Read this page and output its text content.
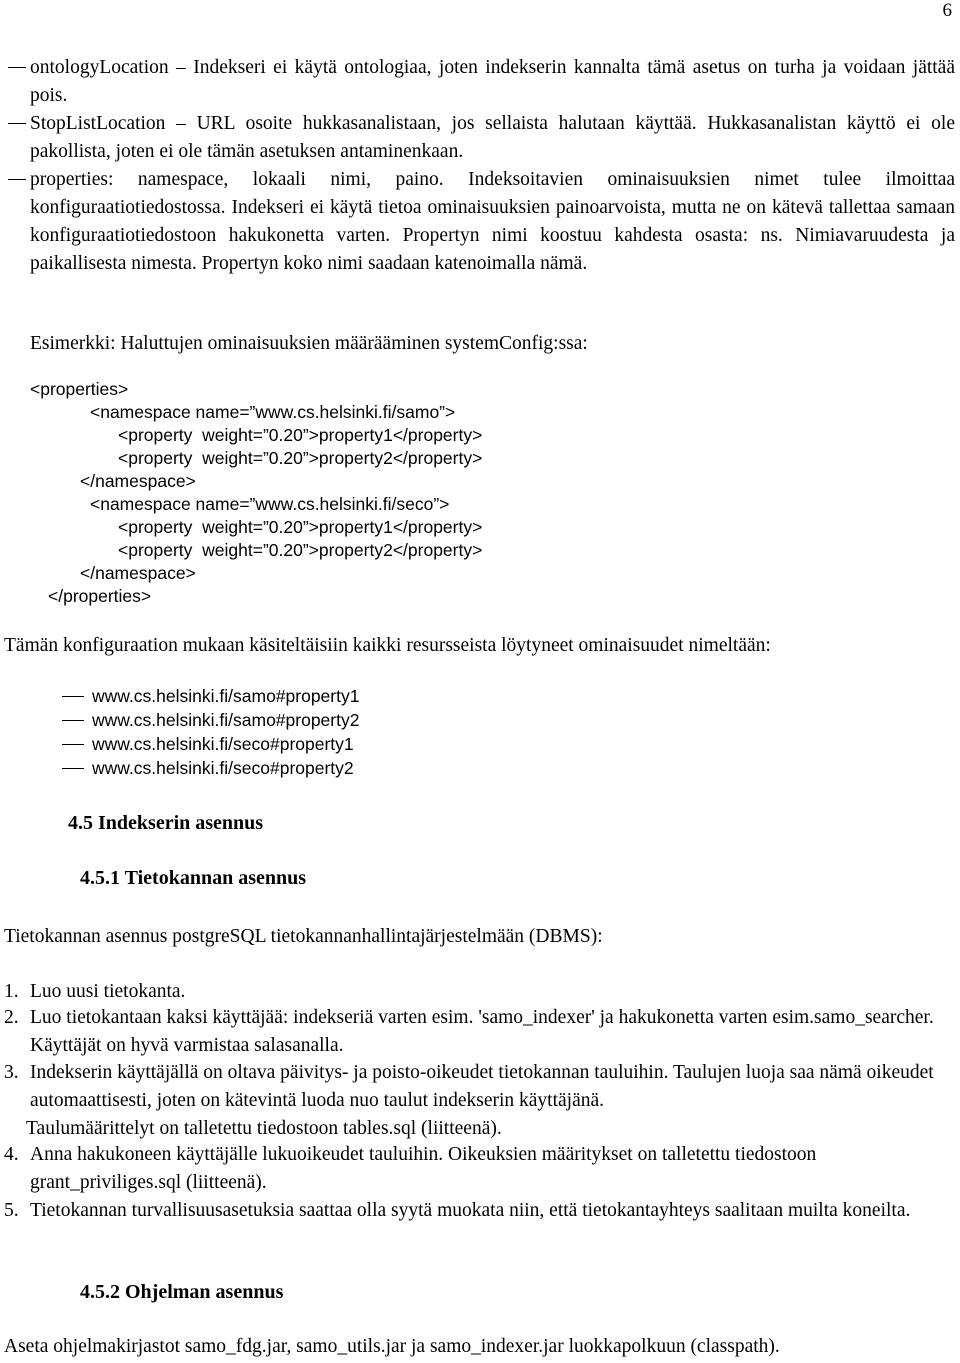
6
ontologyLocation – Indekseri ei käytä ontologiaa, joten indekserin kannalta tämä asetus on turha ja voidaan jättää pois.
StopListLocation – URL osoite hukkasanalistaan, jos sellaista halutaan käyttää. Hukkasanalistan käyttö ei ole pakollista, joten ei ole tämän asetuksen antaminenkaan.
properties: namespace, lokaali nimi, paino. Indeksoitavien ominaisuuksien nimet tulee ilmoittaa konfiguraatiotiedostossa. Indekseri ei käytä tietoa ominaisuuksien painoarvoista, mutta ne on kätevä tallettaa samaan konfiguraatiotiedostoon hakukonetta varten. Propertyn nimi koostuu kahdesta osasta: ns. Nimiavaruudesta ja paikallisesta nimesta. Propertyn koko nimi saadaan katenoimalla nämä.
Esimerkki: Haluttujen ominaisuuksien määrääminen systemConfig:ssa:
<properties>
<namespace name=”www.cs.helsinki.fi/samo”>
<property  weight=”0.20”>property1</property>
<property  weight=”0.20”>property2</property>
</namespace>
<namespace name=”www.cs.helsinki.fi/seco”>
<property  weight=”0.20”>property1</property>
<property  weight=”0.20”>property2</property>
</namespace>
</properties>
Tämän konfiguraation mukaan käsiteltäisiin kaikki resursseista löytyneet ominaisuudet nimeltään:
www.cs.helsinki.fi/samo#property1
www.cs.helsinki.fi/samo#property2
www.cs.helsinki.fi/seco#property1
www.cs.helsinki.fi/seco#property2
4.5 Indekserin asennus
4.5.1 Tietokannan asennus
Tietokannan asennus postgreSQL tietokannanhallintajärjestelmään (DBMS):
1. Luo uusi tietokanta.
2. Luo tietokantaan kaksi käyttäjää: indekseriä varten esim. 'samo_indexer' ja hakukonetta varten esim.samo_searcher. Käyttäjät on hyvä varmistaa salasanalla.
3. Indekserin käyttäjällä on oltava päivitys- ja poisto-oikeudet tietokannan tauluihin. Taulujen luoja saa nämä oikeudet automaattisesti, joten on kätevintä luoda nuo taulut indekserin käyttäjänä.
Taulumäärittelyt on talletettu tiedostoon tables.sql (liitteenä).
4. Anna hakukoneen käyttäjälle lukuoikeudet tauluihin. Oikeuksien määritykset on talletettu tiedostoon grant_priviliges.sql (liitteenä).
5. Tietokannan turvallisuusasetuksia saattaa olla syytä muokata niin, että tietokantayhteys saalitaan muilta koneilta.
4.5.2 Ohjelman asennus
Aseta ohjelmakirjastot samo_fdg.jar, samo_utils.jar ja samo_indexer.jar luokkapolkuun (classpath).
